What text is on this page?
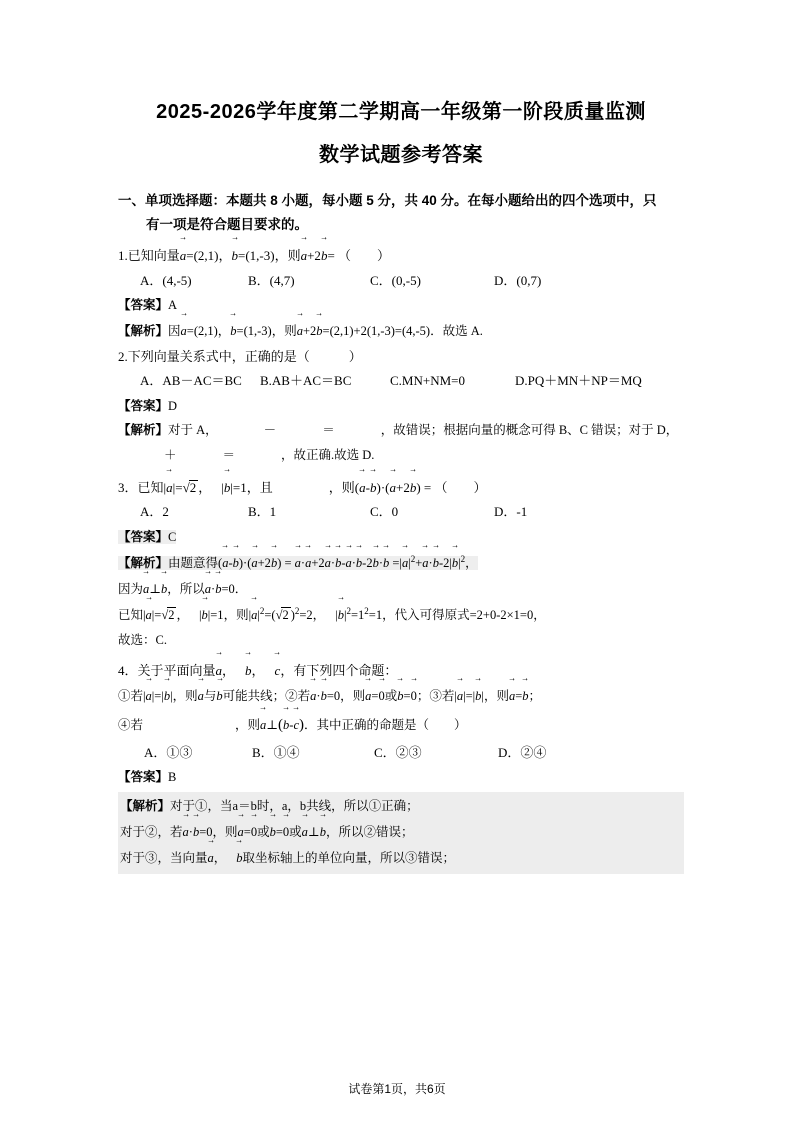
2025-2026学年度第二学期高一年级第一阶段质量监测
数学试题参考答案
一、单项选择题：本题共 8 小题，每小题 5 分，共 40 分。在每小题给出的四个选项中，只
有一项是符合题目要求的。
1.已知向量→ a=(2,1)，→ b=(1,-3)，则→ a+2→ b= （　　）
A．(4,-5)	B．(4,7)	C．(0,-5)	D．(0,7)
【答案】A
【解析】因→ a=(2,1)，→ b=(1,-3)，则→ a+2→ b=(2,1)+2(1,-3)=(4,-5)．故选 A.
2.下列向量关系式中，正确的是（　　　）
A．AB－AC＝BC	B.AB＋AC＝BC	C.MN+NM=0	D.PQ＋MN＋NP＝MQ
【答案】D
【解析】对于 A，	－	＝	，故错误；根据向量的概念可得 B、C 错误；对于 D，
＋	＝	，故正确.故选 D.
3．已知|→ a|=√2 ， |→ b|=1，且	，则(→ a-→ b)·(→ a+2→ b) = （　　）
A．2	B．1	C．0	D．-1
【答案】C
【解析】由题意得(→ a-→ b)·(→ a+2→ b) = → a·→ a+2→ a·→ b-→ a·→ b-2→ b·→ b =|→ $a|^2+\to a\cdot\to b-2|\to b|^2$，
因为→ a⊥→ b，所以→ a·→ b=0．
已知|→ a|=√2 ， |→ b|=1，则|→ $a|^2=(√2$ )$^2$=2， |→ $b|^2=1^2=1$，代入可得原式=2+0-2×1=0，
故选：C.
4．关于平面向量→ a， → b， → c，有下列四个命题：
①若|→ a|=|→ b|，则→ a与→ b可能共线；②若→ a·→ b=0，则→ a=→ 0或→ b=→ 0；③若|→ a|=|→ b|，则→ a=→ b；
④若	，则→ a⊥(→ b-→ c)．其中正确的命题是（　　）
A．①③	B．①④	C．②③	D．②④
【答案】B
【解析】对于①，当a＝b时，a，b共线，所以①正确；
对于②，若→ a·→ b=0，则→ a=→ 0或→ b=→ 0或→ a⊥→ b，所以②错误；
对于③，当向量→ a， → b取坐标轴上的单位向量，所以③错误；
试卷第1页，共6页
